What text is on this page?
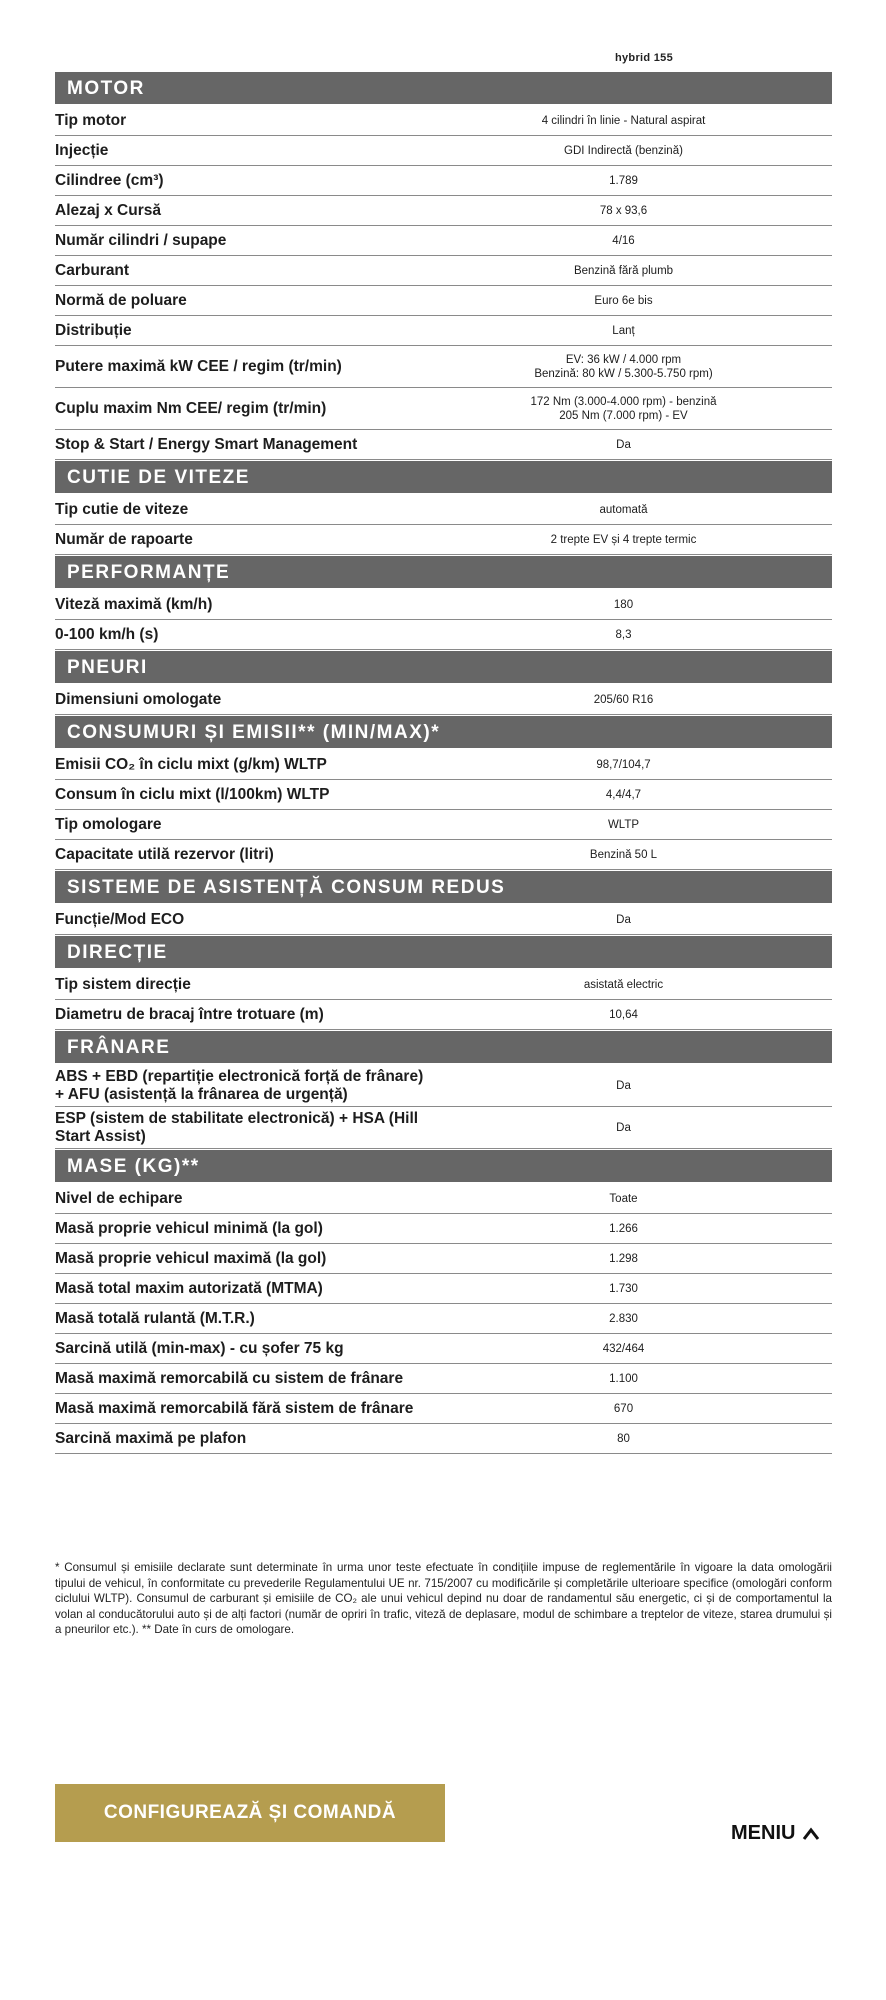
hybrid 155
MOTOR
Tip motor	4 cilindri în linie - Natural aspirat
Injecție	GDI Indirectă (benzină)
Cilindree (cm³)	1.789
Alezaj x Cursă	78 x 93,6
Număr cilindri / supape	4/16
Carburant	Benzină fără plumb
Normă de poluare	Euro 6e bis
Distribuție	Lanț
Putere maximă kW CEE / regim (tr/min)	EV: 36 kW / 4.000 rpm
Benzină: 80 kW / 5.300-5.750 rpm)
Cuplu maxim Nm CEE/ regim (tr/min)	172 Nm (3.000-4.000 rpm) - benzină
205 Nm (7.000 rpm) - EV
Stop & Start / Energy Smart Management	Da
CUTIE DE VITEZE
Tip cutie de viteze	automată
Număr de rapoarte	2 trepte EV și 4 trepte termic
PERFORMANȚE
Viteză maximă (km/h)	180
0-100 km/h (s)	8,3
PNEURI
Dimensiuni omologate	205/60 R16
CONSUMURI ȘI EMISII** (MIN/MAX)*
Emisii CO₂ în ciclu mixt (g/km) WLTP	98,7/104,7
Consum în ciclu mixt (l/100km) WLTP	4,4/4,7
Tip omologare	WLTP
Capacitate utilă rezervor (litri)	Benzină 50 L
SISTEME DE ASISTENȚĂ CONSUM REDUS
Funcție/Mod ECO	Da
DIRECȚIE
Tip sistem direcție	asistată electric
Diametru de bracaj între trotuare (m)	10,64
FRÂNARE
ABS + EBD (repartiție electronică forță de frânare)
+ AFU (asistență la frânarea de urgență)	Da
ESP (sistem de stabilitate electronică) + HSA (Hill
Start Assist)	Da
MASE (KG)**
Nivel de echipare	Toate
Masă proprie vehicul minimă (la gol)	1.266
Masă proprie vehicul maximă (la gol)	1.298
Masă total maxim autorizată (MTMA)	1.730
Masă totală rulantă (M.T.R.)	2.830
Sarcină utilă (min-max) - cu șofer 75 kg	432/464
Masă maximă remorcabilă cu sistem de frânare	1.100
Masă maximă remorcabilă fără sistem de frânare	670
Sarcină maximă pe plafon	80
* Consumul și emisiile declarate sunt determinate în urma unor teste efectuate în condițiile impuse de reglementările în vigoare la data omologării tipului de vehicul, în conformitate cu prevederile Regulamentului UE nr. 715/2007 cu modificările și completările ulterioare specifice (omologări conform ciclului WLTP). Consumul de carburant și emisiile de CO₂ ale unui vehicul depind nu doar de randamentul său energetic, ci și de comportamentul la volan al conducătorului auto și de alți factori (număr de opriri în trafic, viteză de deplasare, modul de schimbare a treptelor de viteze, starea drumului și a pneurilor etc.). ** Date în curs de omologare.
CONFIGUREAZĂ ȘI COMANDĂ
MENIU
